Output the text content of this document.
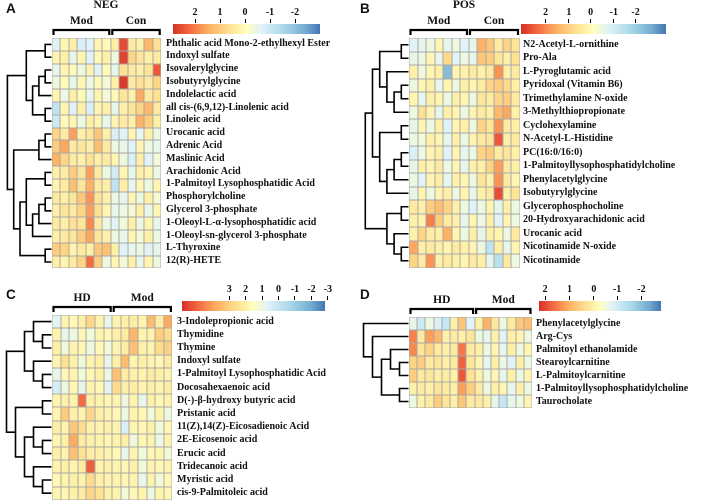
A	NEG
Phthalic acid Mono-2-ethylhexyl Ester
Indoxyl sulfate
Isovalerylglycine
Isobutyrylglycine
Indolelactic acid
all cis-(6,9,12)-Linolenic acid
Linoleic acid
Urocanic acid
Adrenic Acid
Maslinic Acid
Arachidonic Acid
1-Palmitoyl Lysophosphatidic Acid
Phosphorylcholine
Glycerol 3-phosphate
1-Oleoyl-L-α-lysophosphatidic acid
1-Oleoyl-sn-glycerol 3-phosphate
L-Thyroxine
12(R)-HETE
Mod	Con
2	1	0	-1	-2	B	POS
N2-Acetyl-L-ornithine
Pro-Ala
L-Pyroglutamic acid
Pyridoxal (Vitamin B6)
Trimethylamine N-oxide
3-Methylthiopropionate
Cyclohexylamine
N-Acetyl-L-Histidine
PC(16:0/16:0)
1-Palmitoyllysophosphatidylcholine
Phenylacetylglycine
Isobutyrylglycine
Glycerophosphocholine
20-Hydroxyarachidonic acid
Urocanic acid
Nicotinamide N-oxide
Nicotinamide
Mod	Con
2	1	0	-1	-2
C
3-Indolepropionic acid
Thymidine
Thymine
Indoxyl sulfate
1-Palmitoyl Lysophosphatidic Acid
Docosahexaenoic acid
D(-)-β-hydroxy butyric acid
Pristanic acid
11(Z),14(Z)-Eicosadienoic Acid
2E-Eicosenoic acid
Erucic acid
Tridecanoic acid
Myristic acid
cis-9-Palmitoleic acid
HD	Mod
3	2	1	0 -1 -2 -3	D
Phenylacetylglycine
Arg-Cys
Palmitoyl ethanolamide
Stearoylcarnitine
L-Palmitoylcarnitine
1-Palmitoyllysophosphatidylcholine
Taurocholate
HD	Mod
2	1	0	-1	-2
